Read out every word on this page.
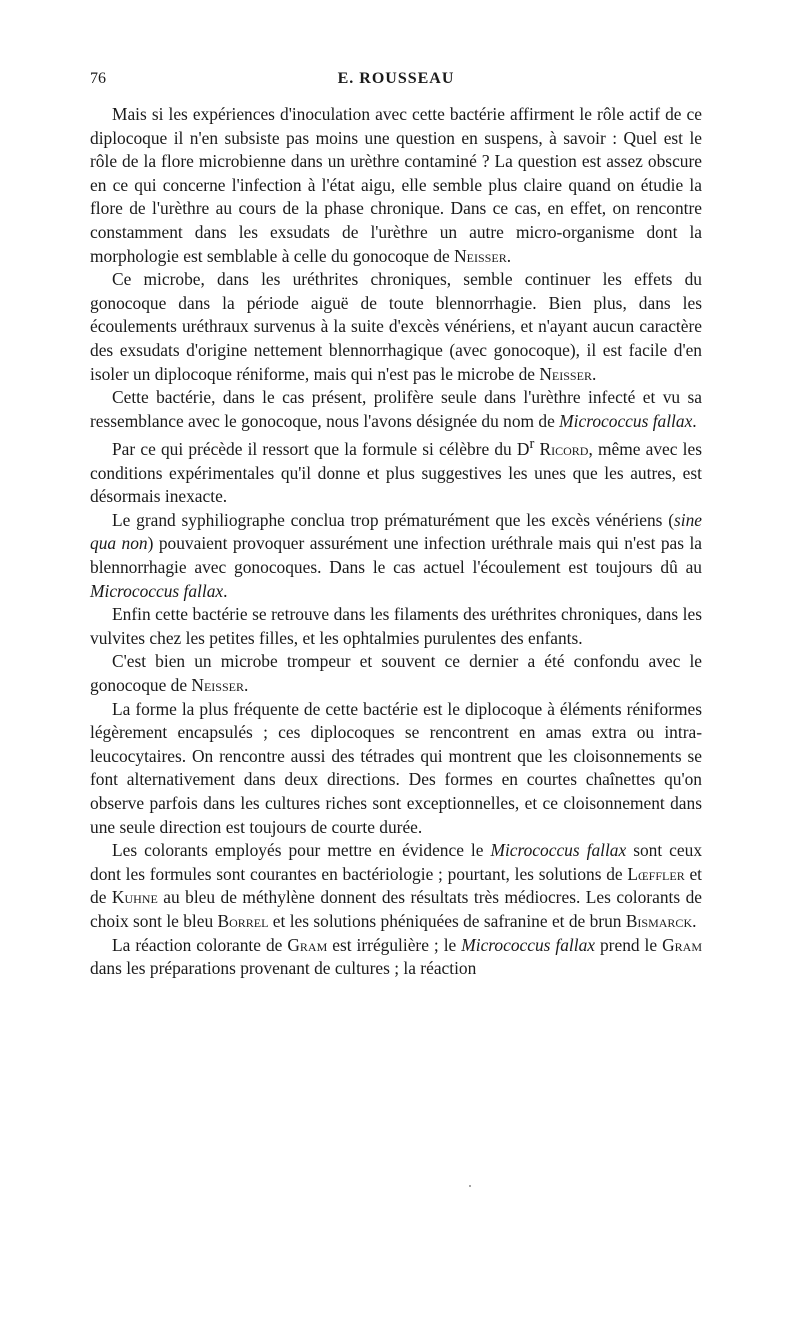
76	E. ROUSSEAU

Mais si les expériences d'inoculation avec cette bactérie affirment le rôle actif de ce diplocoque il n'en subsiste pas moins une question en suspens, à savoir : Quel est le rôle de la flore microbienne dans un urèthre contaminé ? La question est assez obscure en ce qui concerne l'infection à l'état aigu, elle semble plus claire quand on étudie la flore de l'urèthre au cours de la phase chronique. Dans ce cas, en effet, on rencontre constamment dans les exsudats de l'urèthre un autre micro-organisme dont la morphologie est semblable à celle du gonocoque de Neisser.

Ce microbe, dans les uréthrites chroniques, semble continuer les effets du gonocoque dans la période aiguë de toute blennorrhagie. Bien plus, dans les écoulements uréthraux survenus à la suite d'excès vénériens, et n'ayant aucun caractère des exsudats d'origine nettement blennorrhagique (avec gonocoque), il est facile d'en isoler un diplocoque réniforme, mais qui n'est pas le microbe de Neisser.

Cette bactérie, dans le cas présent, prolifère seule dans l'urèthre infecté et vu sa ressemblance avec le gonocoque, nous l'avons désignée du nom de Micrococcus fallax.

Par ce qui précède il ressort que la formule si célèbre du $D^r$ Ricord, même avec les conditions expérimentales qu'il donne et plus suggestives les unes que les autres, est désormais inexacte.

Le grand syphiliographe conclua trop prématurément que les excès vénériens (sine qua non) pouvaient provoquer assurément une infection uréthrale mais qui n'est pas la blennorrhagie avec gonocoques. Dans le cas actuel l'écoulement est toujours dû au Micrococcus fallax.

Enfin cette bactérie se retrouve dans les filaments des uréthrites chroniques, dans les vulvites chez les petites filles, et les ophtalmies purulentes des enfants.

C'est bien un microbe trompeur et souvent ce dernier a été confondu avec le gonocoque de Neisser.

La forme la plus fréquente de cette bactérie est le diplocoque à éléments réniformes légèrement encapsulés ; ces diplocoques se rencontrent en amas extra ou intra-leucocytaires. On rencontre aussi des tétrades qui montrent que les cloisonnements se font alternativement dans deux directions. Des formes en courtes chaînettes qu'on observe parfois dans les cultures riches sont exceptionnelles, et ce cloisonnement dans une seule direction est toujours de courte durée.

Les colorants employés pour mettre en évidence le Micrococcus fallax sont ceux dont les formules sont courantes en bactériologie ; pourtant, les solutions de Lœffler et de Kuhne au bleu de méthylène donnent des résultats très médiocres. Les colorants de choix sont le bleu Borrel et les solutions phéniquées de safranine et de brun Bismarck.

La réaction colorante de Gram est irrégulière ; le Micrococcus fallax prend le Gram dans les préparations provenant de cultures ; la réaction
